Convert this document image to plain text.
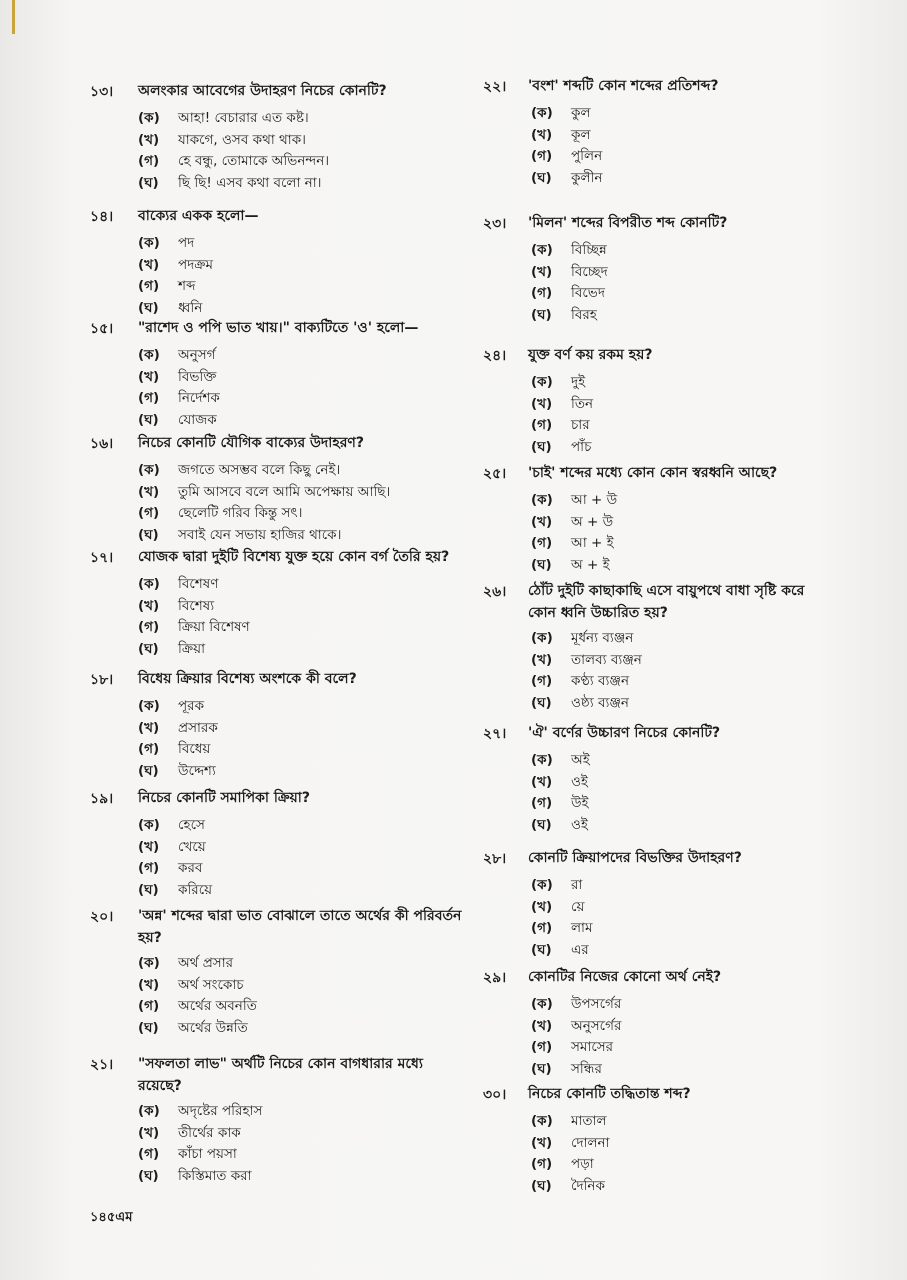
১৩।	অলংকার আবেগের উদাহরণ নিচের কোনটি?
(ক) আহা! বেচারার এত কষ্ট।
(খ) যাকগে, ওসব কথা থাক।
(গ) হে বন্ধু, তোমাকে অভিনন্দন।
(ঘ) ছি ছি! এসব কথা বলো না।
১৪।	বাক্যের একক হলো—
(ক) পদ
(খ) পদক্রম
(গ) শব্দ
(ঘ) ধ্বনি
১৫।	"রাশেদ ও পপি ভাত খায়।" বাক্যটিতে 'ও' হলো—
(ক) অনুসর্গ
(খ) বিভক্তি
(গ) নির্দেশক
(ঘ) যোজক
১৬।	নিচের কোনটি যৌগিক বাক্যের উদাহরণ?
(ক) জগতে অসম্ভব বলে কিছু নেই।
(খ) তুমি আসবে বলে আমি অপেক্ষায় আছি।
(গ) ছেলেটি গরিব কিন্তু সৎ।
(ঘ) সবাই যেন সভায় হাজির থাকে।
১৭।	যোজক দ্বারা দুইটি বিশেষ্য যুক্ত হয়ে কোন বর্গ তৈরি হয়?
(ক) বিশেষণ
(খ) বিশেষ্য
(গ) ক্রিয়া বিশেষণ
(ঘ) ক্রিয়া
১৮।	বিধেয় ক্রিয়ার বিশেষ্য অংশকে কী বলে?
(ক) পূরক
(খ) প্রসারক
(গ) বিধেয়
(ঘ) উদ্দেশ্য
১৯।	নিচের কোনটি সমাপিকা ক্রিয়া?
(ক) হেসে
(খ) খেয়ে
(গ) করব
(ঘ) করিয়ে
২০।	'অন্ন' শব্দের দ্বারা ভাত বোঝালে তাতে অর্থের কী পরিবর্তন হয়?
(ক) অর্থ প্রসার
(খ) অর্থ সংকোচ
(গ) অর্থের অবনতি
(ঘ) অর্থের উন্নতি
২১।	"সফলতা লাভ" অর্থটি নিচের কোন বাগধারার মধ্যে রয়েছে?
(ক) অদৃষ্টের পরিহাস
(খ) তীর্থের কাক
(গ) কাঁচা পয়সা
(ঘ) কিস্তিমাত করা
২২।	'বংশ' শব্দটি কোন শব্দের প্রতিশব্দ?
(ক) কুল
(খ) কূল
(গ) পুলিন
(ঘ) কুলীন
২৩।	'মিলন' শব্দের বিপরীত শব্দ কোনটি?
(ক) বিচ্ছিন্ন
(খ) বিচ্ছেদ
(গ) বিভেদ
(ঘ) বিরহ
২৪।	যুক্ত বর্ণ কয় রকম হয়?
(ক) দুই
(খ) তিন
(গ) চার
(ঘ) পাঁচ
২৫।	'চাই' শব্দের মধ্যে কোন কোন স্বরধ্বনি আছে?
(ক) আ + উ
(খ) অ + উ
(গ) আ + ই
(ঘ) অ + ই
২৬।	ঠোঁট দুইটি কাছাকাছি এসে বায়ুপথে বাধা সৃষ্টি করে কোন ধ্বনি উচ্চারিত হয়?
(ক) মূর্ধন্য ব্যঞ্জন
(খ) তালব্য ব্যঞ্জন
(গ) কণ্ঠ্য ব্যঞ্জন
(ঘ) ওষ্ঠ্য ব্যঞ্জন
২৭।	'ঐ' বর্ণের উচ্চারণ নিচের কোনটি?
(ক) অই
(খ) ওই
(গ) উই
(ঘ) ওই
২৮।	কোনটি ক্রিয়াপদের বিভক্তির উদাহরণ?
(ক) রা
(খ) য়ে
(গ) লাম
(ঘ) এর
২৯।	কোনটির নিজের কোনো অর্থ নেই?
(ক) উপসর্গের
(খ) অনুসর্গের
(গ) সমাসের
(ঘ) সন্ধির
৩০।	নিচের কোনটি তদ্ধিতান্ত শব্দ?
(ক) মাতাল
(খ) দোলনা
(গ) পড়া
(ঘ) দৈনিক
১৪৫এম
